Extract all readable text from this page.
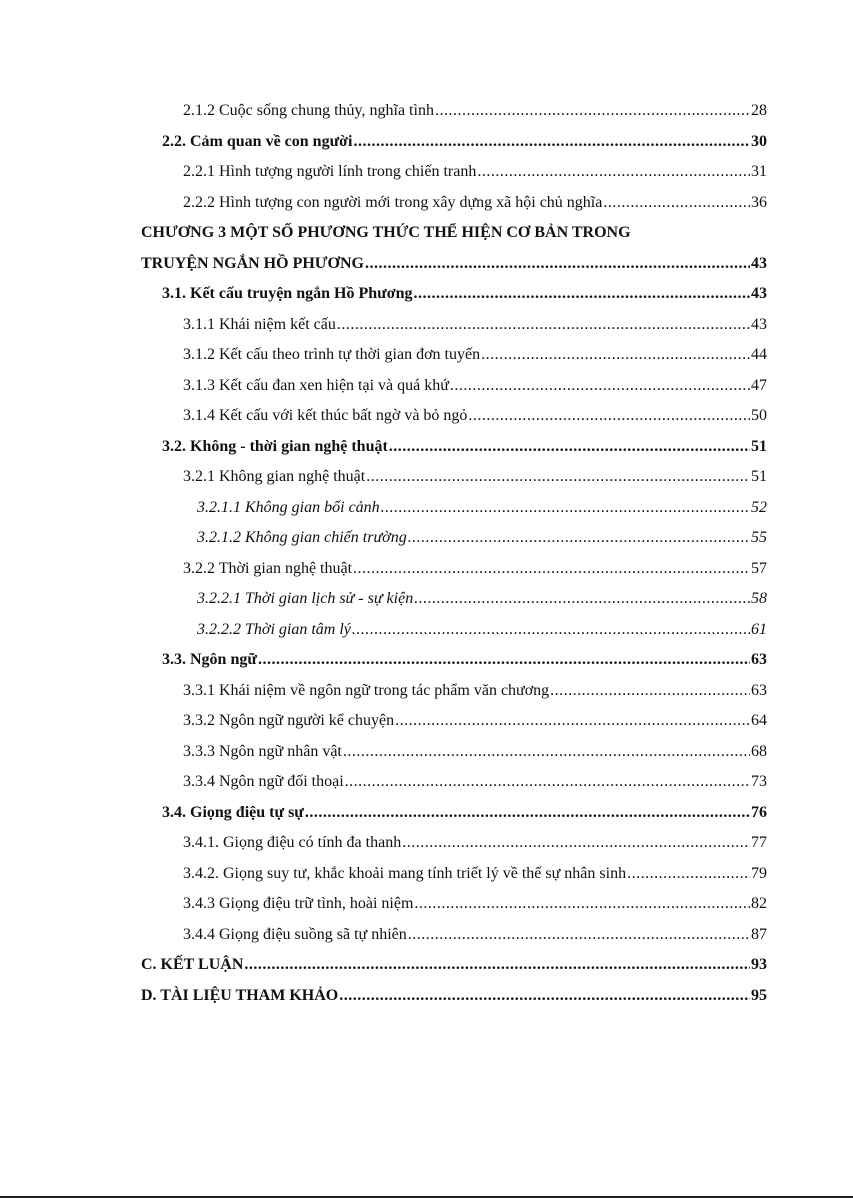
2.1.2 Cuộc sống chung thủy, nghĩa tình .....	28
2.2. Cảm quan về con người .....	30
2.2.1 Hình tượng người lính trong chiến tranh .....	31
2.2.2 Hình tượng con người mới trong xây dựng xã hội chủ nghĩa .....	36
CHƯƠNG 3 MỘT SỐ PHƯƠNG THỨC THỂ HIỆN CƠ BẢN TRONG
TRUYỆN NGẮN HỒ PHƯƠNG .....	43
3.1. Kết cấu truyện ngắn Hồ Phương .....	43
3.1.1 Khái niệm kết cấu .....	43
3.1.2 Kết cấu theo trình tự thời gian đơn tuyến .....	44
3.1.3 Kết cấu đan xen hiện tại và quá khứ .....	47
3.1.4 Kết cấu với kết thúc bất ngờ và bỏ ngỏ .....	50
3.2. Không - thời gian nghệ thuật .....	51
3.2.1 Không gian nghệ thuật .....	51
3.2.1.1 Không gian bối cảnh .....	52
3.2.1.2 Không gian chiến trường .....	55
3.2.2 Thời gian nghệ thuật .....	57
3.2.2.1 Thời gian lịch sử - sự kiện .....	58
3.2.2.2 Thời gian tâm lý .....	61
3.3. Ngôn ngữ .....	63
3.3.1 Khái niệm về ngôn ngữ trong tác phẩm văn chương .....	63
3.3.2 Ngôn ngữ người kể chuyện .....	64
3.3.3 Ngôn ngữ nhân vật .....	68
3.3.4 Ngôn ngữ đối thoại .....	73
3.4. Giọng điệu tự sự .....	76
3.4.1. Giọng điệu có tính đa thanh .....	77
3.4.2. Giọng suy tư, khắc khoải mang tính triết lý về thế sự nhân sinh .....	79
3.4.3 Giọng điệu trữ tình, hoài niệm .....	82
3.4.4 Giọng điệu suồng sã tự nhiên .....	87
C. KẾT LUẬN .....	93
D. TÀI LIỆU THAM KHẢO .....	95
